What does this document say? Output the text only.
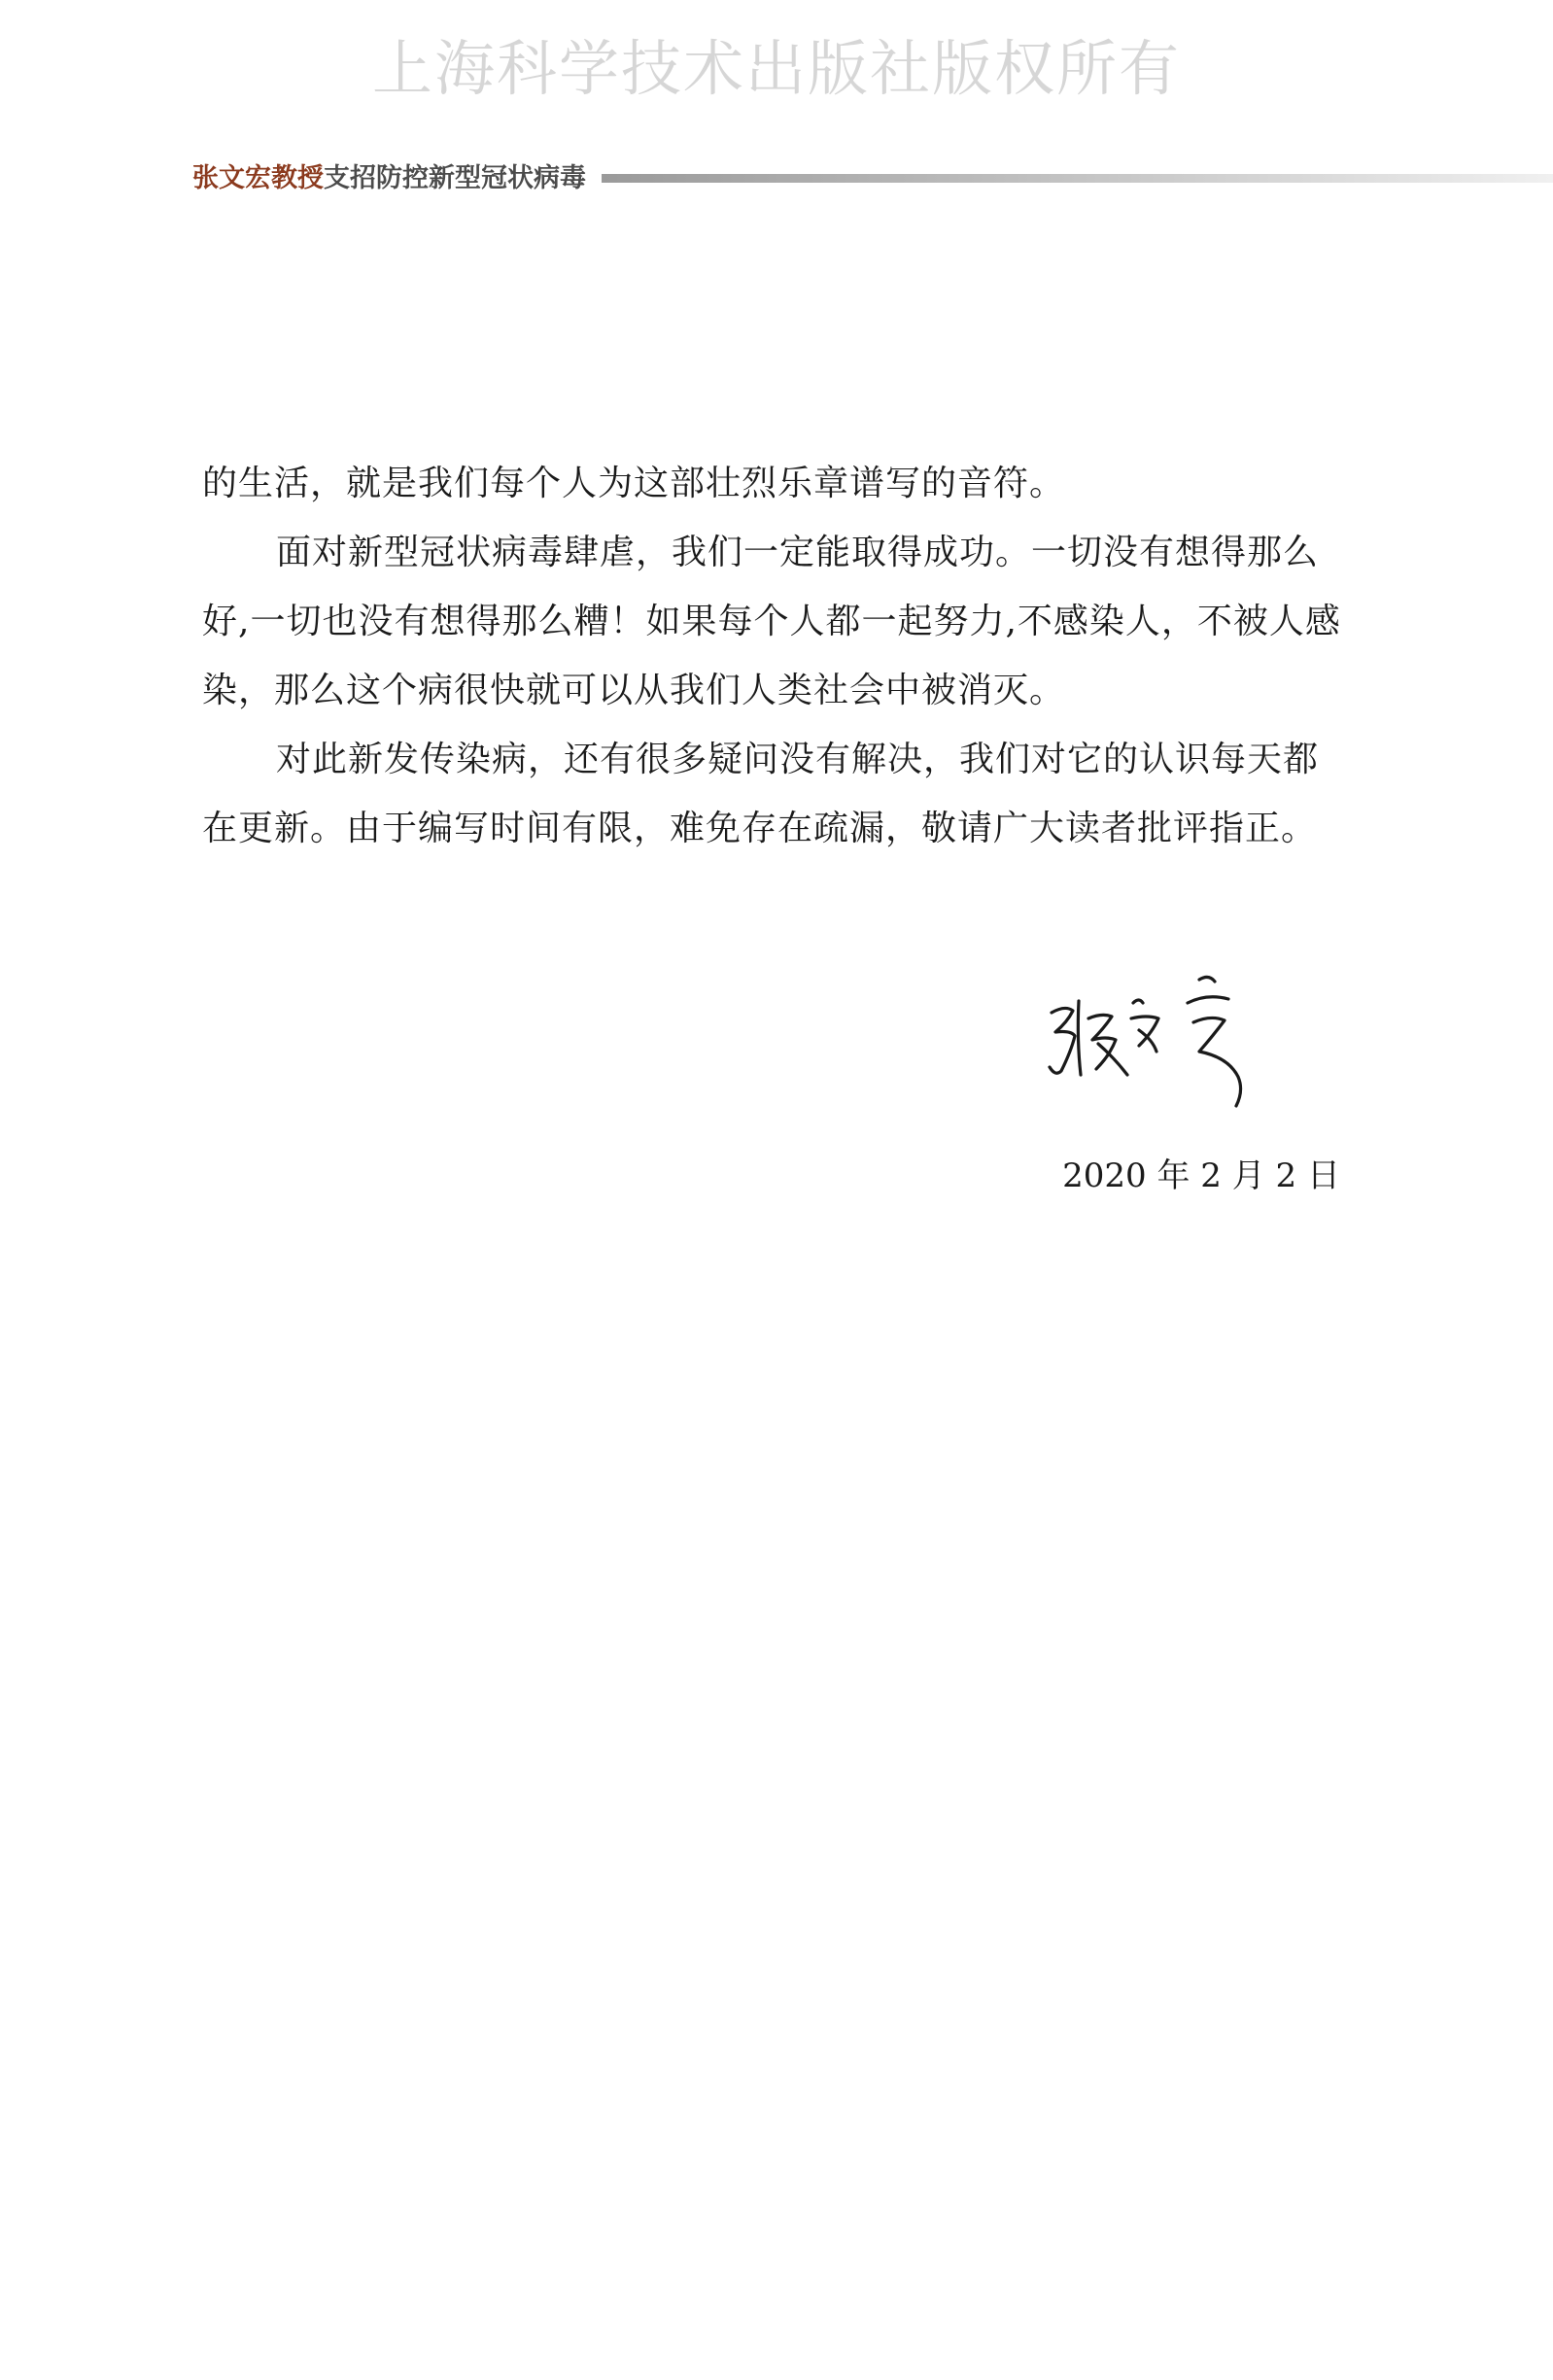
上海科学技术出版社版权所有
张文宏教授支招防控新型冠状病毒

的生活，就是我们每个人为这部壮烈乐章谱写的音符。

面对新型冠状病毒肆虐，我们一定能取得成功。一切没有想得那么好,一切也没有想得那么糟！如果每个人都一起努力,不感染人，不被人感染，那么这个病很快就可以从我们人类社会中被消灭。

对此新发传染病，还有很多疑问没有解决，我们对它的认识每天都在更新。由于编写时间有限，难免存在疏漏，敬请广大读者批评指正。

2020 年 2 月 2 日
